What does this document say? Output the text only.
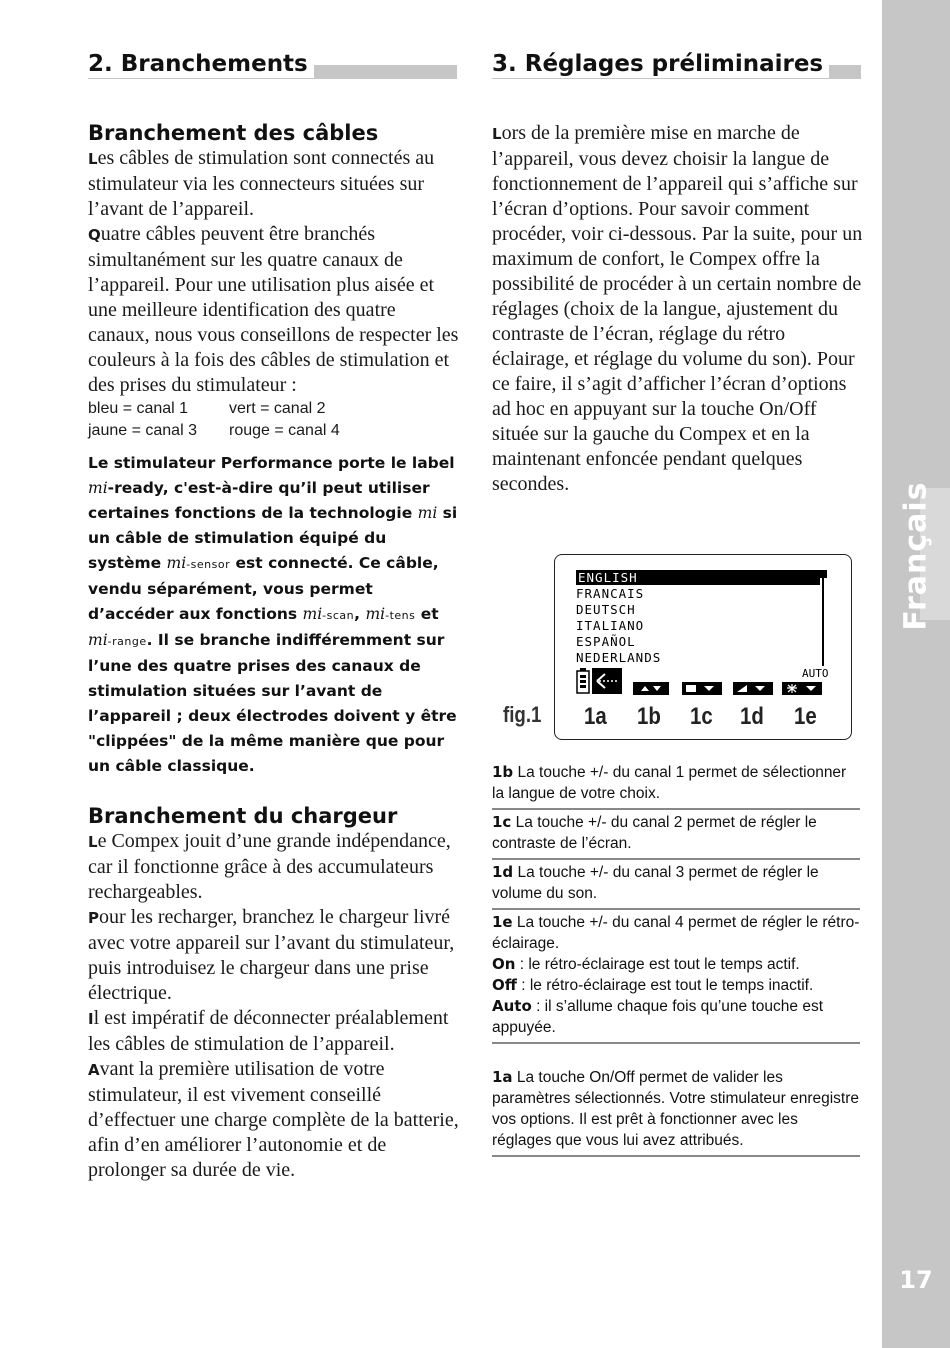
Français
17
2. Branchements	3. Réglages préliminaires
Branchement des câbles

Les câbles de stimulation sont connectés au stimulateur via les connecteurs situées sur l’avant de l’appareil.

Quatre câbles peuvent être branchés simultanément sur les quatre canaux de l’appareil. Pour une utilisation plus aisée et une meilleure identification des quatre canaux, nous vous conseillons de respecter les couleurs à la fois des câbles de stimulation et des prises du stimulateur :

bleu = canal 1	vert = canal 2
jaune = canal 3 rouge = canal 4

Le stimulateur Performance porte le label mi-ready, c'est-à-dire qu’il peut utiliser certaines fonctions de la technologie mi si un câble de stimulation équipé du système mi-sensor est connecté. Ce câble, vendu séparément, vous permet d’accéder aux fonctions mi-scan, mi-tens et mi-range. Il se branche indifféremment sur l’une des quatre prises des canaux de stimulation situées sur l’avant de l’appareil ; deux électrodes doivent y être "clippées" de la même manière que pour un câble classique.

Branchement du chargeur

Le Compex jouit d’une grande indépendance, car il fonctionne grâce à des accumulateurs rechargeables.

Pour les recharger, branchez le chargeur livré avec votre appareil sur l’avant du stimulateur, puis introduisez le chargeur dans une prise électrique.

Il est impératif de déconnecter préalablement les câbles de stimulation de l’appareil.

Avant la première utilisation de votre stimulateur, il est vivement conseillé d’effectuer une charge complète de la batterie, afin d’en améliorer l’autonomie et de prolonger sa durée de vie.

Lors de la première mise en marche de l’appareil, vous devez choisir la langue de fonctionnement de l’appareil qui s’affiche sur l’écran d’options. Pour savoir comment procéder, voir ci-dessous. Par la suite, pour un maximum de confort, le Compex offre la possibilité de procéder à un certain nombre de réglages (choix de la langue, ajustement du contraste de l’écran, réglage du rétro éclairage, et réglage du volume du son). Pour ce faire, il s’agit d’afficher l’écran d’options ad hoc en appuyant sur la touche On/Off située sur la gauche du Compex et en la maintenant enfoncée pendant quelques secondes.

fig.1
ENGLISH
FRANCAIS
DEUTSCH
ITALIANO
ESPAÑOL
NEDERLANDS
AUTO
1a 1b 1c 1d 1e
1b La touche +/- du canal 1 permet de sélectionner la langue de votre choix.
1c La touche +/- du canal 2 permet de régler le contraste de l’écran.
1d La touche +/- du canal 3 permet de régler le volume du son.
1e La touche +/- du canal 4 permet de régler le rétro-éclairage.
On : le rétro-éclairage est tout le temps actif.
Off : le rétro-éclairage est tout le temps inactif.
Auto : il s’allume chaque fois qu’une touche est appuyée.
1a La touche On/Off permet de valider les paramètres sélectionnés. Votre stimulateur enregistre vos options. Il est prêt à fonctionner avec les réglages que vous lui avez attribués.
